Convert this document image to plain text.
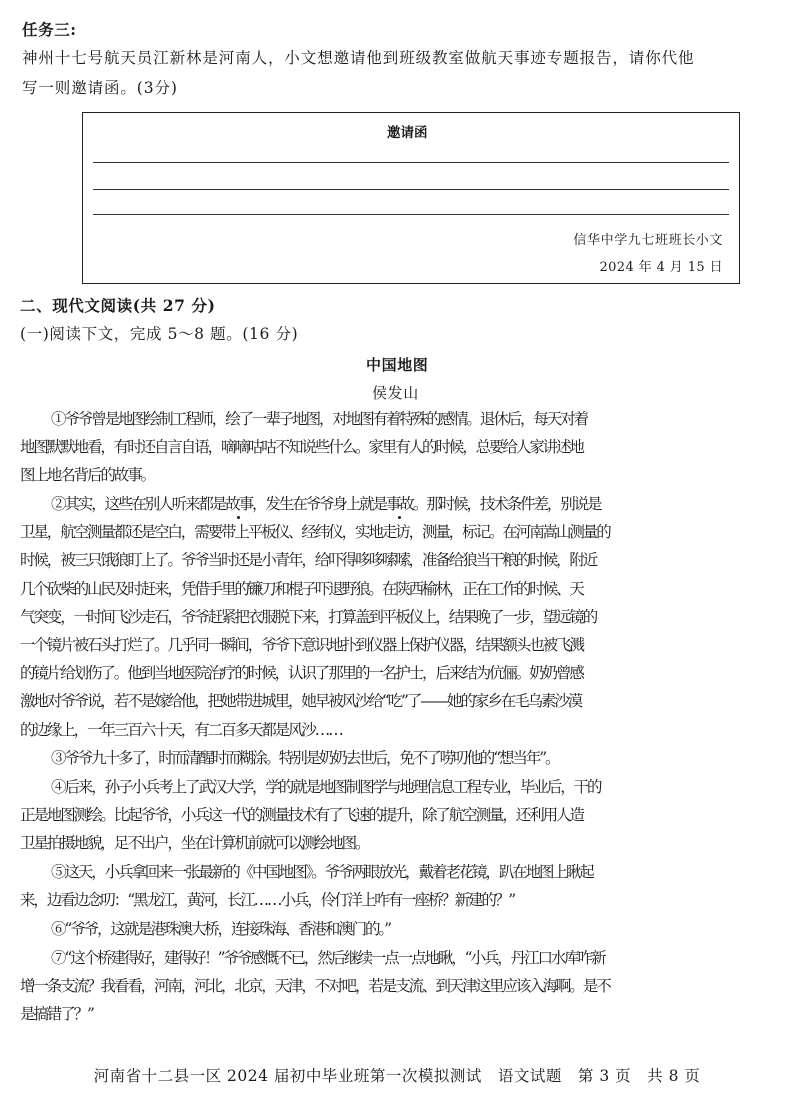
任务三:
神州十七号航天员江新林是河南人，小文想邀请他到班级教室做航天事迹专题报告，请你代他
写一则邀请函。(3分)
邀请函
信华中学九七班班长小文
2024 年 4 月 15 日
二、现代文阅读(共 27 分)
(一)阅读下文，完成 5～8 题。(16 分)
中国地图
侯发山
①爷爷曾是地图绘制工程师，绘了一辈子地图，对地图有着特殊的感情。退休后，每天对着
地图默默地看，有时还自言自语，嘀嘀咕咕不知说些什么。家里有人的时候，总要给人家讲述地
图上地名背后的故事。
②其实，这些在别人听来都是故事，发生在爷爷身上就是事故。那时候，技术条件差，别说是
卫星，航空测量都还是空白，需要带上平板仪、经纬仪，实地走访，测量，标记。在河南嵩山测量的
时候，被三只饿狼盯上了。爷爷当时还是小青年，给吓得哆哆嗦嗦，准备给狼当干粮的时候，附近
几个砍柴的山民及时赶来，凭借手里的镰刀和棍子吓退野狼。在陕西榆林，正在工作的时候、天
气突变，一时间飞沙走石，爷爷赶紧把衣服脱下来，打算盖到平板仪上，结果晚了一步，望远镜的
一个镜片被石头打烂了。几乎同一瞬间，爷爷下意识地扑到仪器上保护仪器，结果额头也被飞溅
的镜片给划伤了。他到当地医院治疗的时候，认识了那里的一名护士，后来结为伉俪。奶奶曾感
激地对爷爷说，若不是嫁给他，把她带进城里，她早被风沙给“吃”了——她的家乡在毛乌素沙漠
的边缘上，一年三百六十天，有二百多天都是风沙……
③爷爷九十多了，时而清醒时而糊涂。特别是奶奶去世后，免不了唠叨他的“想当年”。
④后来，孙子小兵考上了武汉大学，学的就是地图制图学与地理信息工程专业，毕业后，干的
正是地图测绘。比起爷爷，小兵这一代的测量技术有了飞速的提升，除了航空测量，还利用人造
卫星拍摄地貌，足不出户，坐在计算机前就可以测绘地图。
⑤这天，小兵拿回来一张最新的《中国地图》。爷爷两眼放光，戴着老花镜，趴在地图上瞅起
来，边看边念叨：“黑龙江，黄河，长江……小兵，伶仃洋上咋有一座桥？新建的？”
⑥“爷爷，这就是港珠澳大桥，连接珠海、香港和澳门的。”
⑦“这个桥建得好，建得好！”爷爷感慨不已，然后继续一点一点地瞅，“小兵，丹江口水库咋新
增一条支流？我看看，河南，河北，北京，天津，不对吧，若是支流、到天津这里应该入海啊。是不
是搞错了？”
河南省十二县一区 2024 届初中毕业班第一次模拟测试　语文试题　第 3 页　共 8 页
